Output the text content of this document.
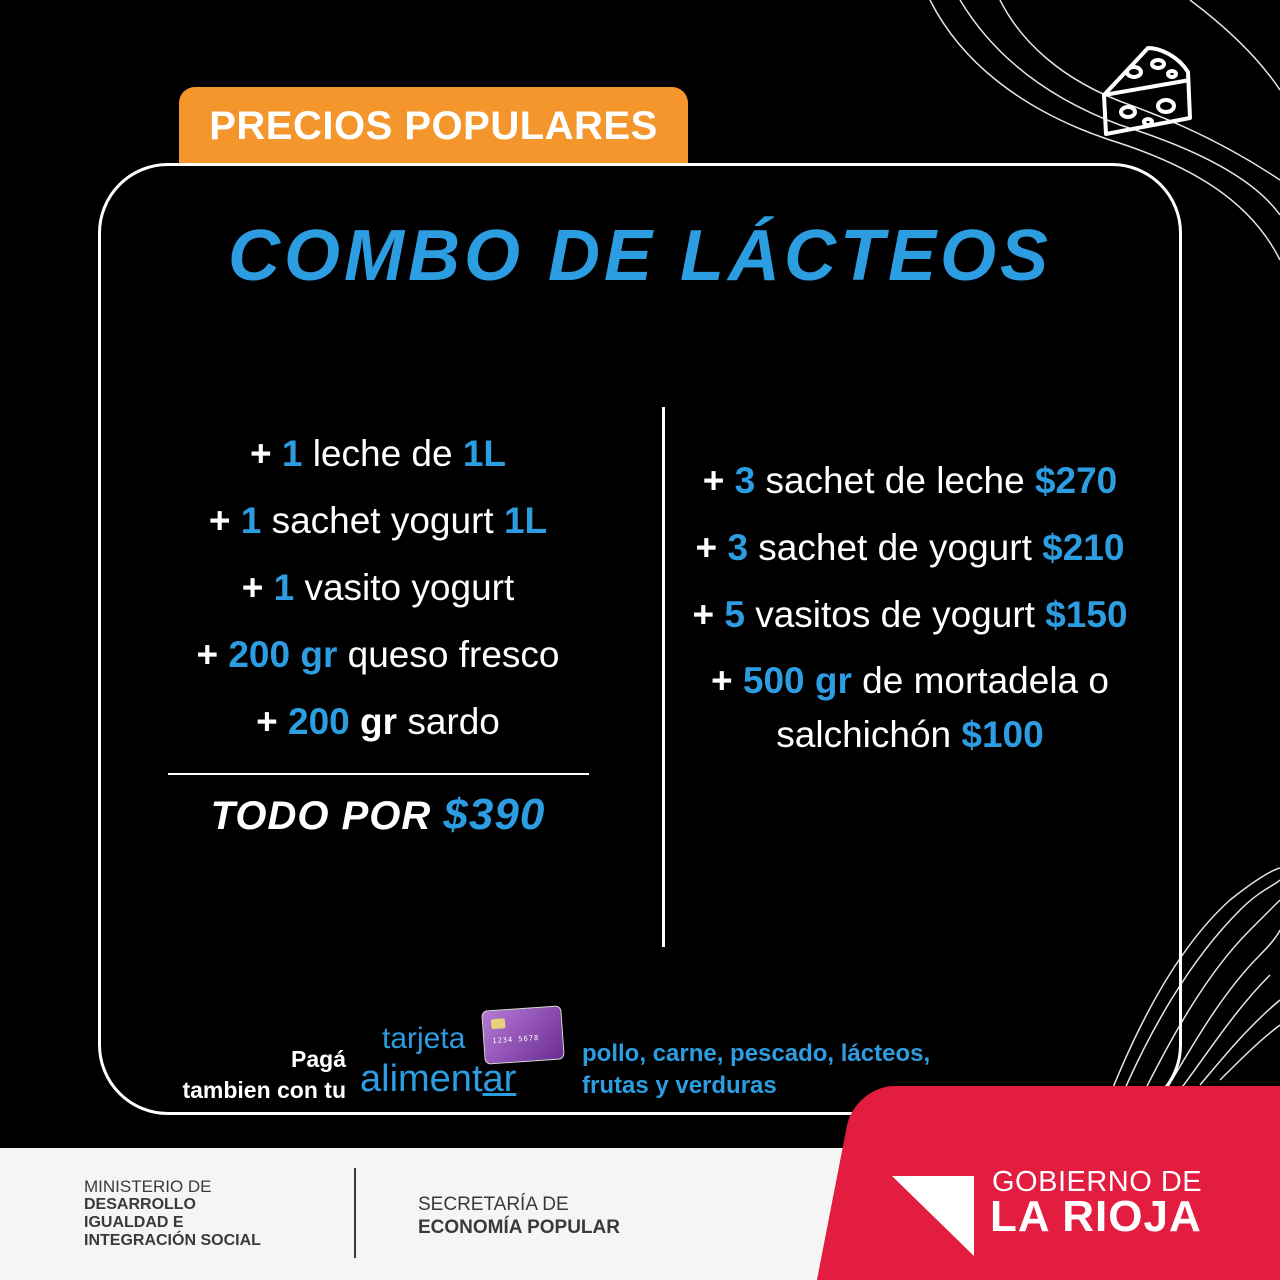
PRECIOS POPULARES
COMBO DE LÁCTEOS
+ 1 leche de 1L
+ 1 sachet yogurt 1L
+ 1 vasito yogurt
+ 200 gr queso fresco
+ 200 gr sardo
TODO POR $390
+ 3 sachet de leche $270
+ 3 sachet de yogurt $210
+ 5 vasitos de yogurt $150
+ 500 gr de mortadela o
salchichón $100
Pagá
tambien con tu
tarjeta	1234 5678
alimentar
pollo, carne, pescado, lácteos,
frutas y verduras
MINISTERIO DE
DESARROLLO
IGUALDAD E
INTEGRACIÓN SOCIAL
SECRETARÍA DE
ECONOMÍA POPULAR
GOBIERNO DE
LA RIOJA
